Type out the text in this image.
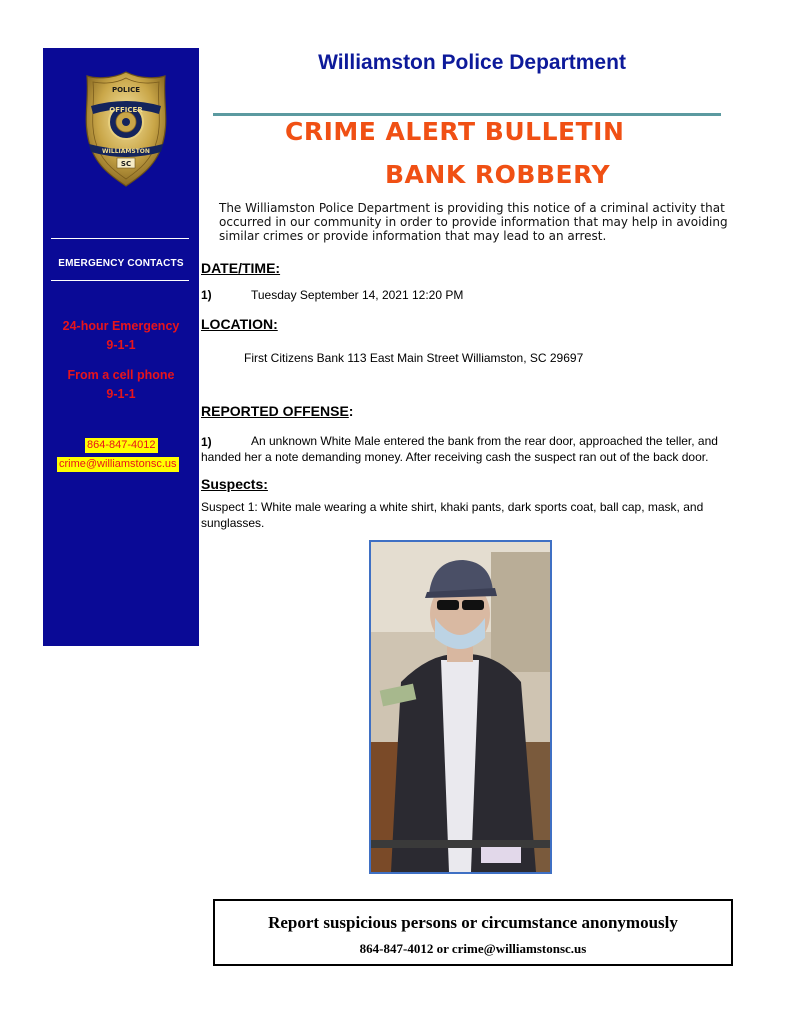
POLICE
OFFICER
WILLIAMSTON
SC
EMERGENCY CONTACTS
24-hour Emergency
9-1-1
From a cell phone
9-1-1
864-847-4012
crime@williamstonsc.us
Williamston Police Department
CRIME ALERT BULLETIN
BANK ROBBERY
The Williamston Police Department is providing this notice of a criminal activity that occurred in our community in order to provide information that may help in avoiding similar crimes or provide information that may lead to an arrest.
DATE/TIME:
1)	Tuesday September 14, 2021 12:20 PM
LOCATION:
First Citizens Bank 113 East Main Street Williamston, SC 29697
REPORTED OFFENSE:
1)	An unknown White Male entered the bank from the rear door, approached the teller, and
handed her a note demanding money. After receiving cash the suspect ran out of the back door.
Suspects:
Suspect 1: White male wearing a white shirt, khaki pants, dark sports coat, ball cap, mask, and
sunglasses.
Report suspicious persons or circumstance anonymously
864-847-4012 or crime@williamstonsc.us
